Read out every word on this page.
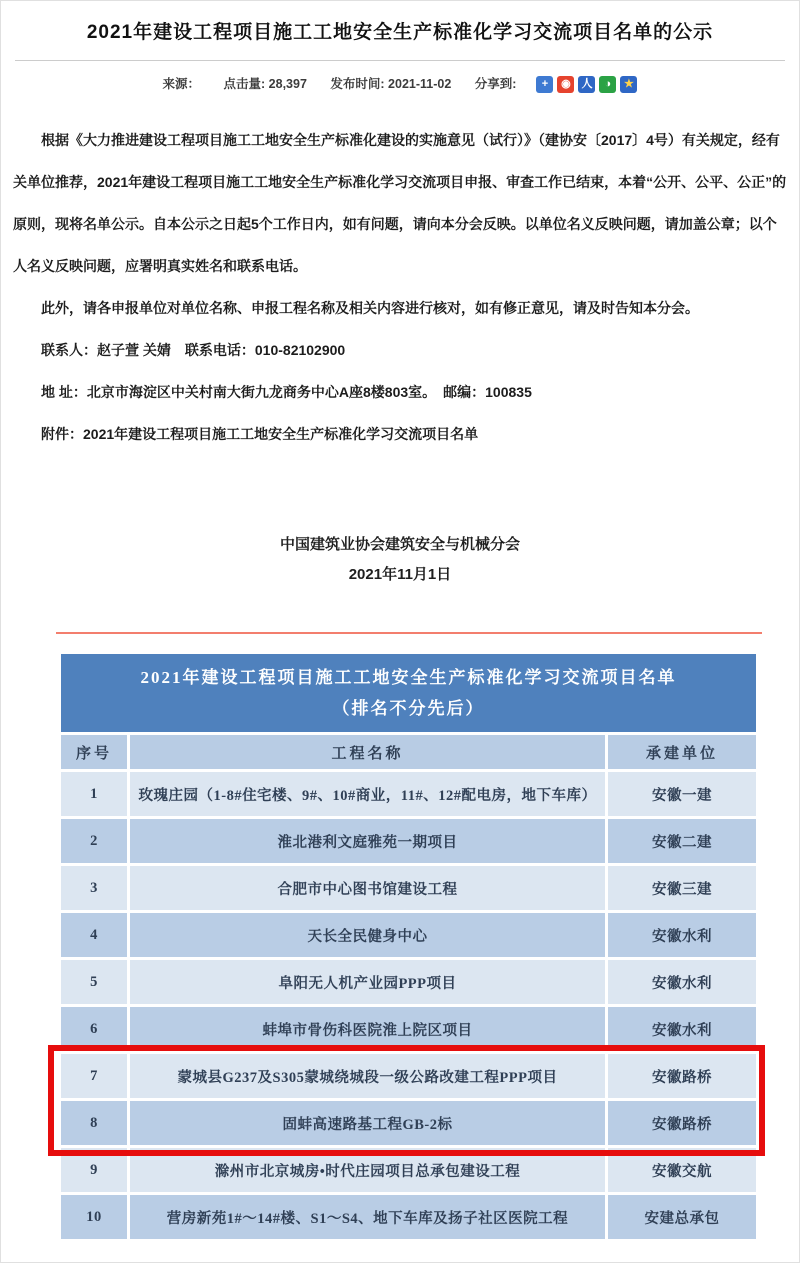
2021年建设工程项目施工工地安全生产标准化学习交流项目名单的公示
来源： 点击量: 28,397 发布时间: 2021-11-02 分享到:	+	◉ 人	◑	★

根据《大力推进建设工程项目施工工地安全生产标准化建设的实施意见（试行）》（建协安〔2017〕4号）有关规定，经有关单位推荐，2021年建设工程项目施工工地安全生产标准化学习交流项目申报、审查工作已结束，本着“公开、公平、公正”的原则，现将名单公示。自本公示之日起5个工作日内，如有问题，请向本分会反映。以单位名义反映问题，请加盖公章；以个人名义反映问题，应署明真实姓名和联系电话。

此外，请各申报单位对单位名称、申报工程名称及相关内容进行核对，如有修正意见，请及时告知本分会。

联系人：赵子萱 关婧　联系电话：010-82102900

地 址：北京市海淀区中关村南大街九龙商务中心A座8楼803室。　邮编：100835

附件：2021年建设工程项目施工工地安全生产标准化学习交流项目名单

中国建筑业协会建筑安全与机械分会
2021年11月1日
2021年建设工程项目施工工地安全生产标准化学习交流项目名单
（排名不分先后）		
序号	工程名称	承建单位
1	玫瑰庄园（1-8#住宅楼、9#、10#商业，11#、12#配电房，地下车库）	安徽一建
2	淮北港利文庭雅苑一期项目	安徽二建
3	合肥市中心图书馆建设工程	安徽三建
4	天长全民健身中心	安徽水利
5	阜阳无人机产业园PPP项目	安徽水利
6	蚌埠市骨伤科医院淮上院区项目	安徽水利
7	蒙城县G237及S305蒙城绕城段一级公路改建工程PPP项目	安徽路桥
8	固蚌高速路基工程GB-2标	安徽路桥
9	滁州市北京城房•时代庄园项目总承包建设工程	安徽交航
10	营房新苑1#～14#楼、S1～S4、地下车库及扬子社区医院工程	安建总承包
